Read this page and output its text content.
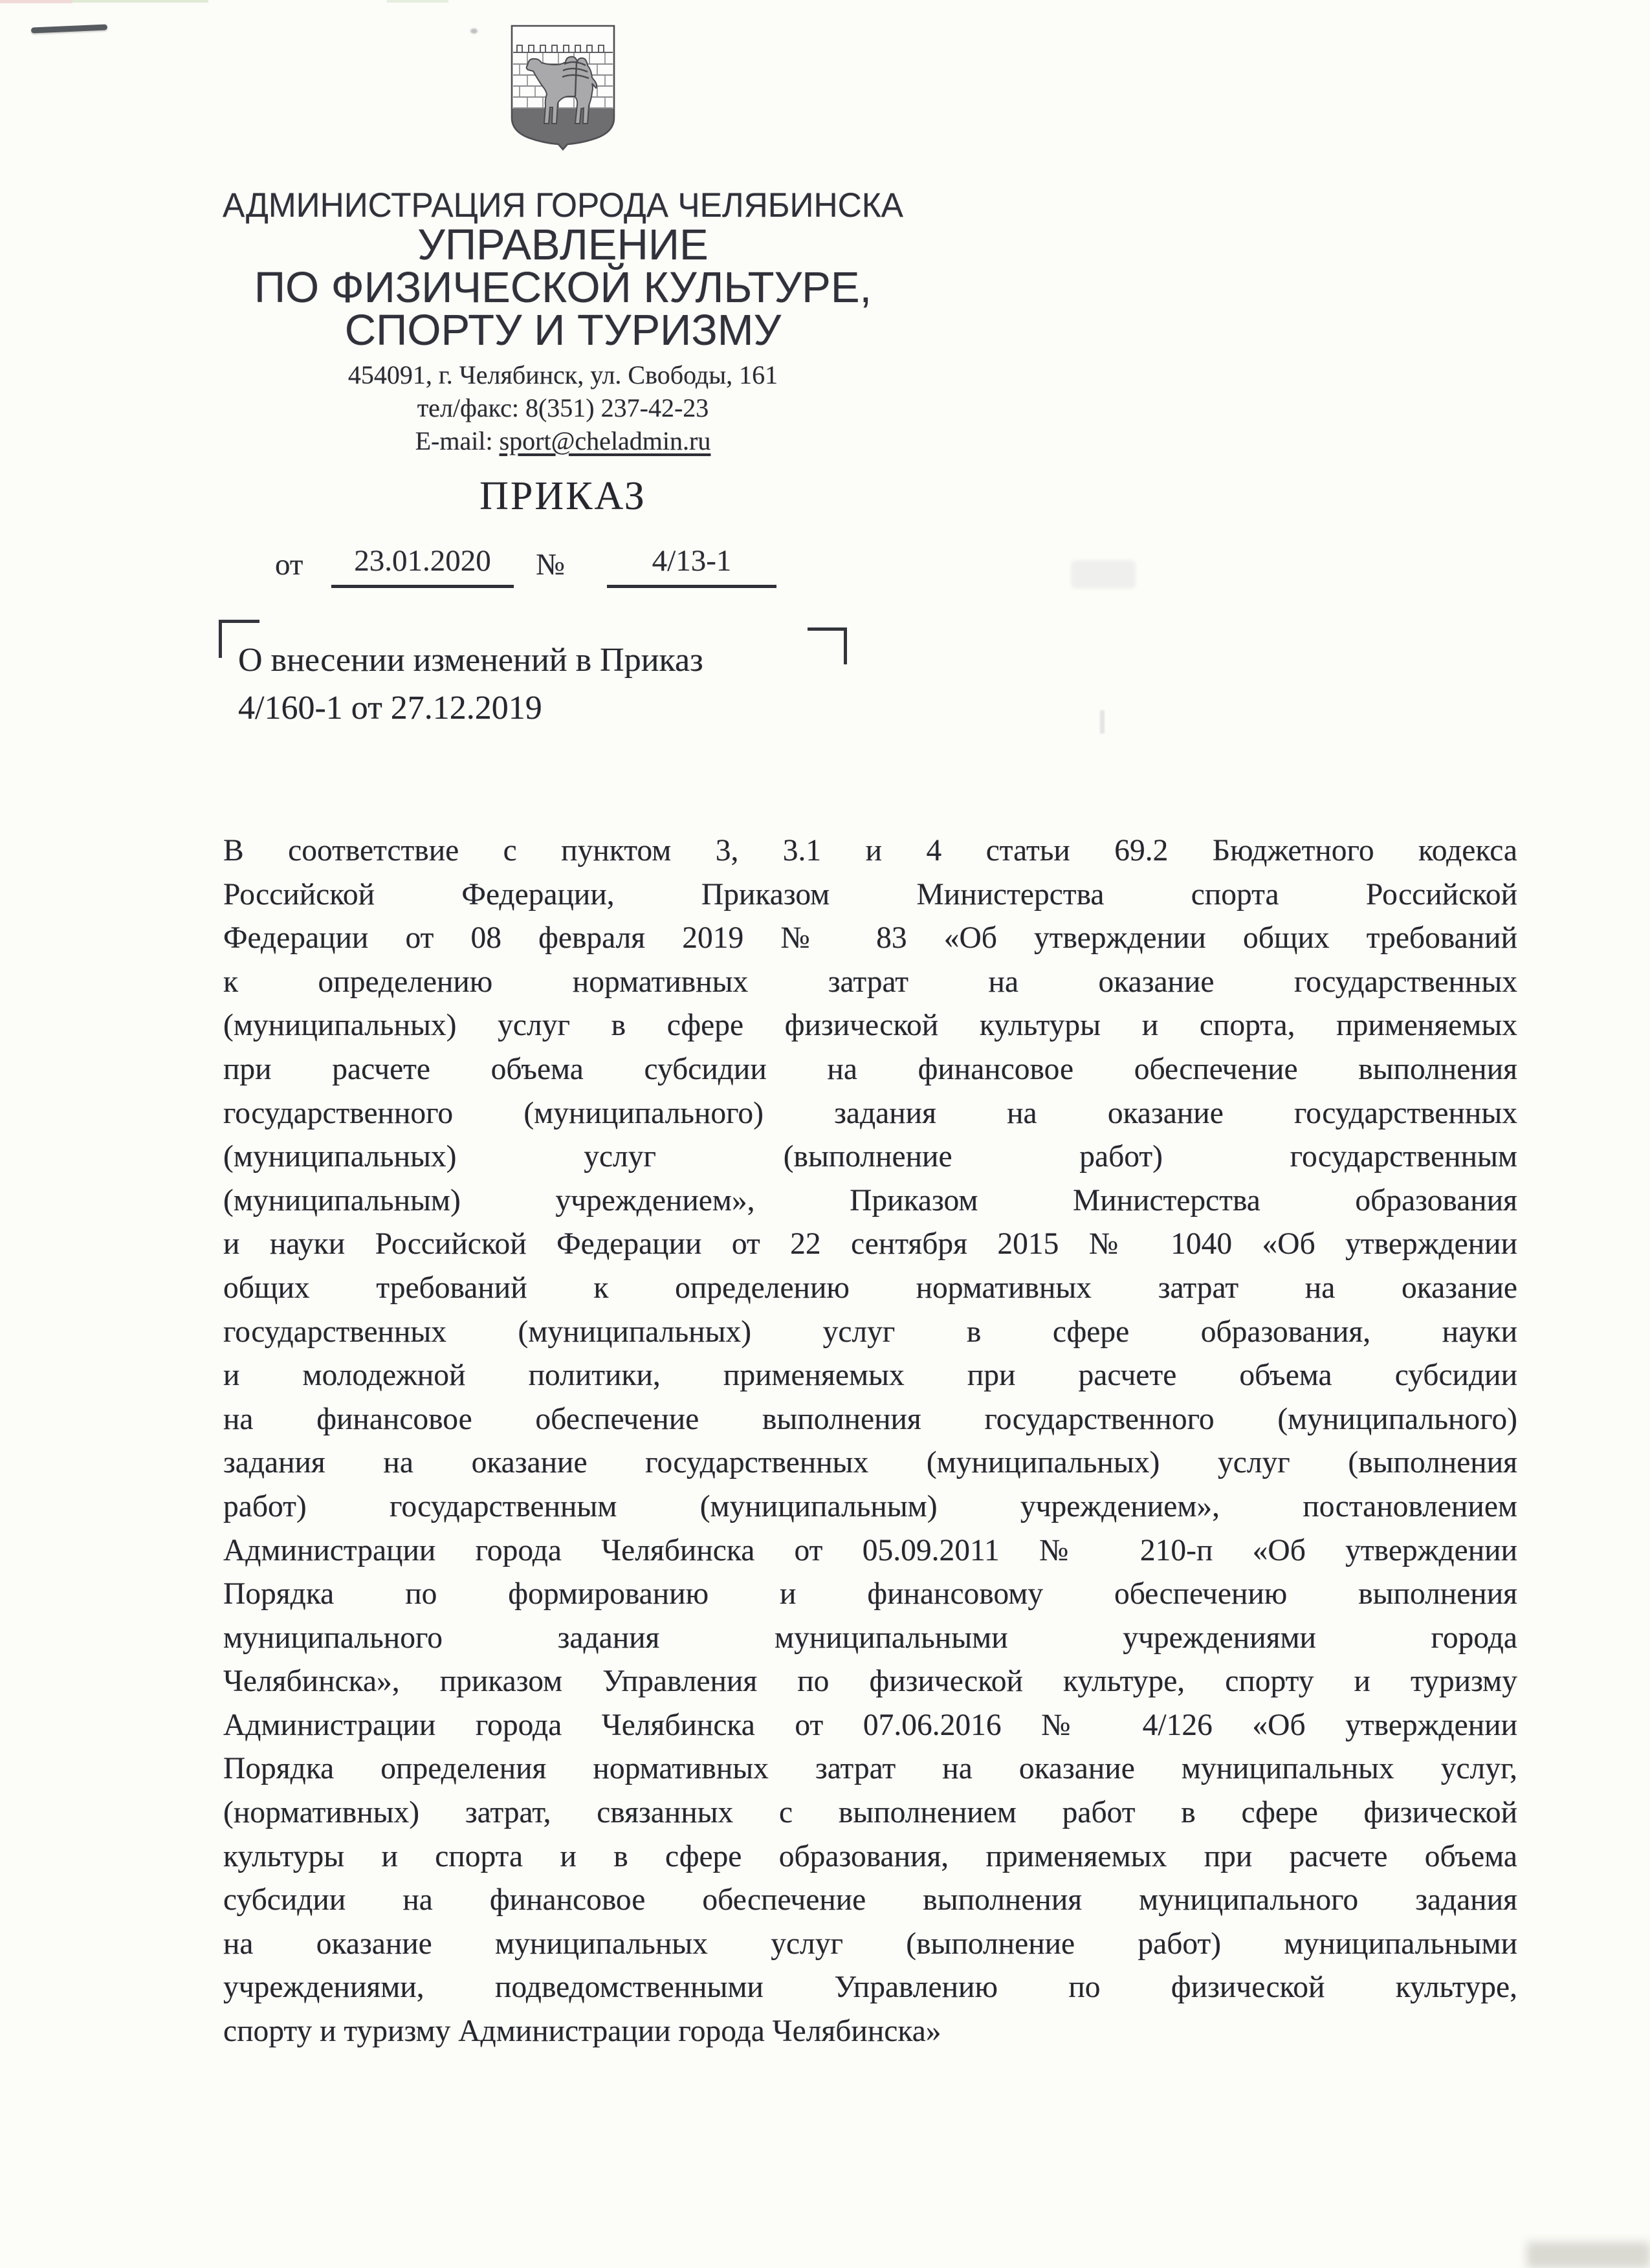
АДМИНИСТРАЦИЯ ГОРОДА ЧЕЛЯБИНСКА
УПРАВЛЕНИЕ
ПО ФИЗИЧЕСКОЙ КУЛЬТУРЕ,
СПОРТУ И ТУРИЗМУ
454091, г. Челябинск, ул. Свободы, 161
тел/факс: 8(351) 237-42-23
E-mail: sport@cheladmin.ru
ПРИКАЗ
от	23.01.2020	№	4/13-1
О внесении изменений в Приказ
4/160-1 от 27.12.2019
В соответствие с пунктом 3, 3.1 и 4 статьи 69.2 Бюджетного кодекса
Российской Федерации, Приказом Министерства спорта Российской
Федерации от 08 февраля 2019 № 83 «Об утверждении общих требований
к определению нормативных затрат на оказание государственных
(муниципальных) услуг в сфере физической культуры и спорта, применяемых
при расчете объема субсидии на финансовое обеспечение выполнения
государственного (муниципального) задания на оказание государственных
(муниципальных) услуг (выполнение работ) государственным
(муниципальным) учреждением», Приказом Министерства образования
и науки Российской Федерации от 22 сентября 2015 № 1040 «Об утверждении
общих требований к определению нормативных затрат на оказание
государственных (муниципальных) услуг в сфере образования, науки
и молодежной политики, применяемых при расчете объема субсидии
на финансовое обеспечение выполнения государственного (муниципального)
задания на оказание государственных (муниципальных) услуг (выполнения
работ) государственным (муниципальным) учреждением», постановлением
Администрации города Челябинска от 05.09.2011 № 210-п «Об утверждении
Порядка по формированию и финансовому обеспечению выполнения
муниципального задания муниципальными учреждениями города
Челябинска», приказом Управления по физической культуре, спорту и туризму
Администрации города Челябинска от 07.06.2016 № 4/126 «Об утверждении
Порядка определения нормативных затрат на оказание муниципальных услуг,
(нормативных) затрат, связанных с выполнением работ в сфере физической
культуры и спорта и в сфере образования, применяемых при расчете объема
субсидии на финансовое обеспечение выполнения муниципального задания
на оказание муниципальных услуг (выполнение работ) муниципальными
учреждениями, подведомственными Управлению по физической культуре,
спорту и туризму Администрации города Челябинска»
